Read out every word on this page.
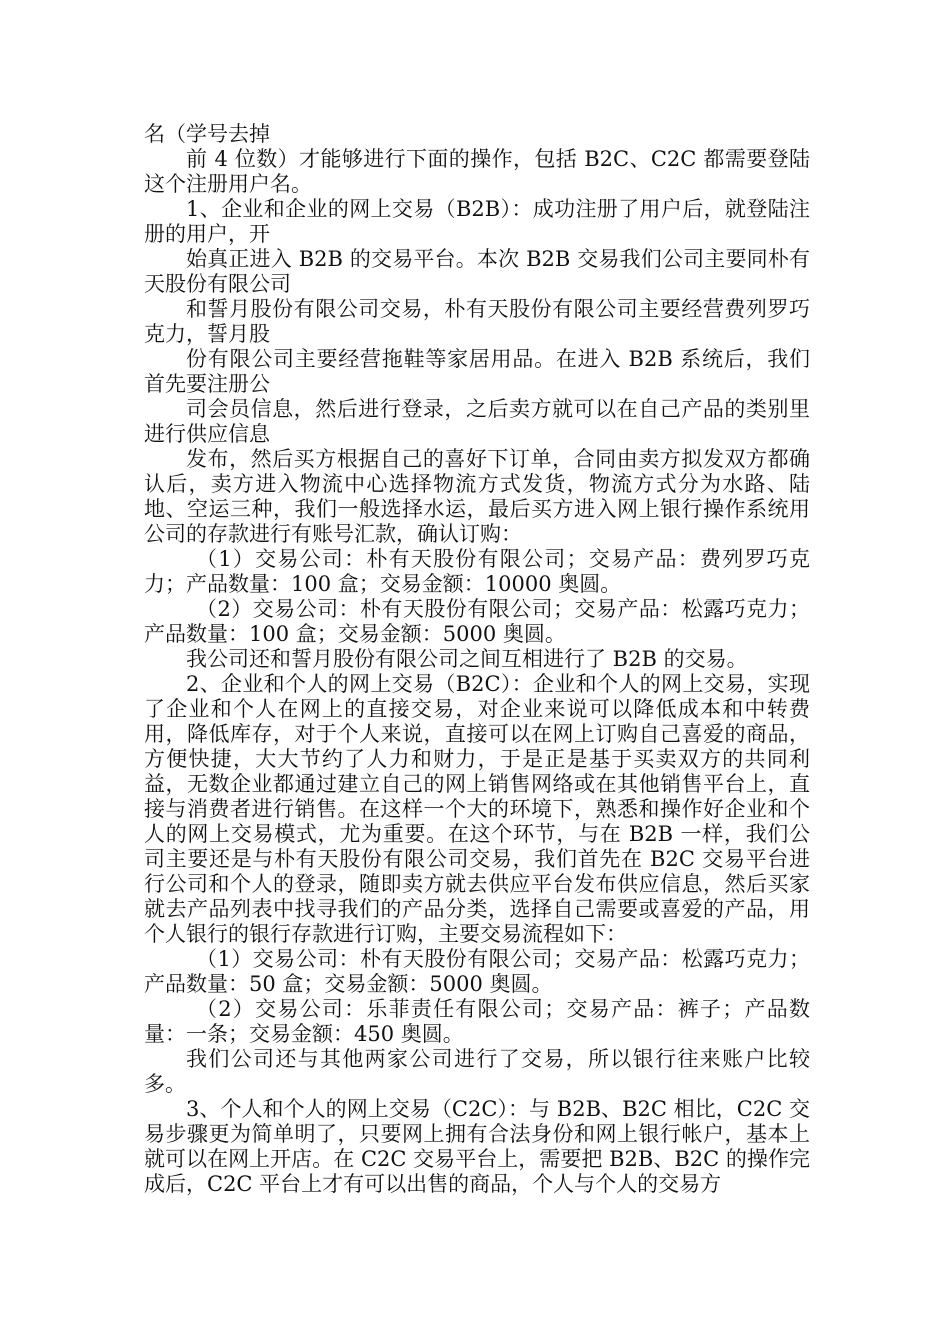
名（学号去掉

前 4 位数）才能够进行下面的操作，包括 B2C、C2C 都需要登陆这个注册用户名。

1、企业和企业的网上交易（B2B）：成功注册了用户后，就登陆注册的用户，开

始真正进入 B2B 的交易平台。本次 B2B 交易我们公司主要同朴有天股份有限公司

和誓月股份有限公司交易，朴有天股份有限公司主要经营费列罗巧克力，誓月股

份有限公司主要经营拖鞋等家居用品。在进入 B2B 系统后，我们首先要注册公

司会员信息，然后进行登录，之后卖方就可以在自己产品的类别里进行供应信息

发布，然后买方根据自己的喜好下订单，合同由卖方拟发双方都确认后，卖方进入物流中心选择物流方式发货，物流方式分为水路、陆地、空运三种，我们一般选择水运，最后买方进入网上银行操作系统用公司的存款进行有账号汇款，确认订购：

（1）交易公司：朴有天股份有限公司；交易产品：费列罗巧克力；产品数量：100 盒；交易金额：10000 奥圆。

（2）交易公司：朴有天股份有限公司；交易产品：松露巧克力；产品数量：100 盒；交易金额：5000 奥圆。

我公司还和誓月股份有限公司之间互相进行了 B2B 的交易。

2、企业和个人的网上交易（B2C）：企业和个人的网上交易，实现了企业和个人在网上的直接交易，对企业来说可以降低成本和中转费用，降低库存，对于个人来说，直接可以在网上订购自己喜爱的商品，方便快捷，大大节约了人力和财力，于是正是基于买卖双方的共同利益，无数企业都通过建立自己的网上销售网络或在其他销售平台上，直接与消费者进行销售。在这样一个大的环境下，熟悉和操作好企业和个人的网上交易模式，尤为重要。在这个环节，与在 B2B 一样，我们公司主要还是与朴有天股份有限公司交易，我们首先在 B2C 交易平台进行公司和个人的登录，随即卖方就去供应平台发布供应信息，然后买家就去产品列表中找寻我们的产品分类，选择自己需要或喜爱的产品，用个人银行的银行存款进行订购，主要交易流程如下：

（1）交易公司：朴有天股份有限公司；交易产品：松露巧克力；产品数量：50 盒；交易金额：5000 奥圆。

（2）交易公司：乐菲责任有限公司；交易产品：裤子；产品数量：一条；交易金额：450 奥圆。

我们公司还与其他两家公司进行了交易，所以银行往来账户比较多。

3、个人和个人的网上交易（C2C）：与 B2B、B2C 相比，C2C 交易步骤更为简单明了，只要网上拥有合法身份和网上银行帐户，基本上就可以在网上开店。在 C2C 交易平台上，需要把 B2B、B2C 的操作完成后，C2C 平台上才有可以出售的商品，个人与个人的交易方
